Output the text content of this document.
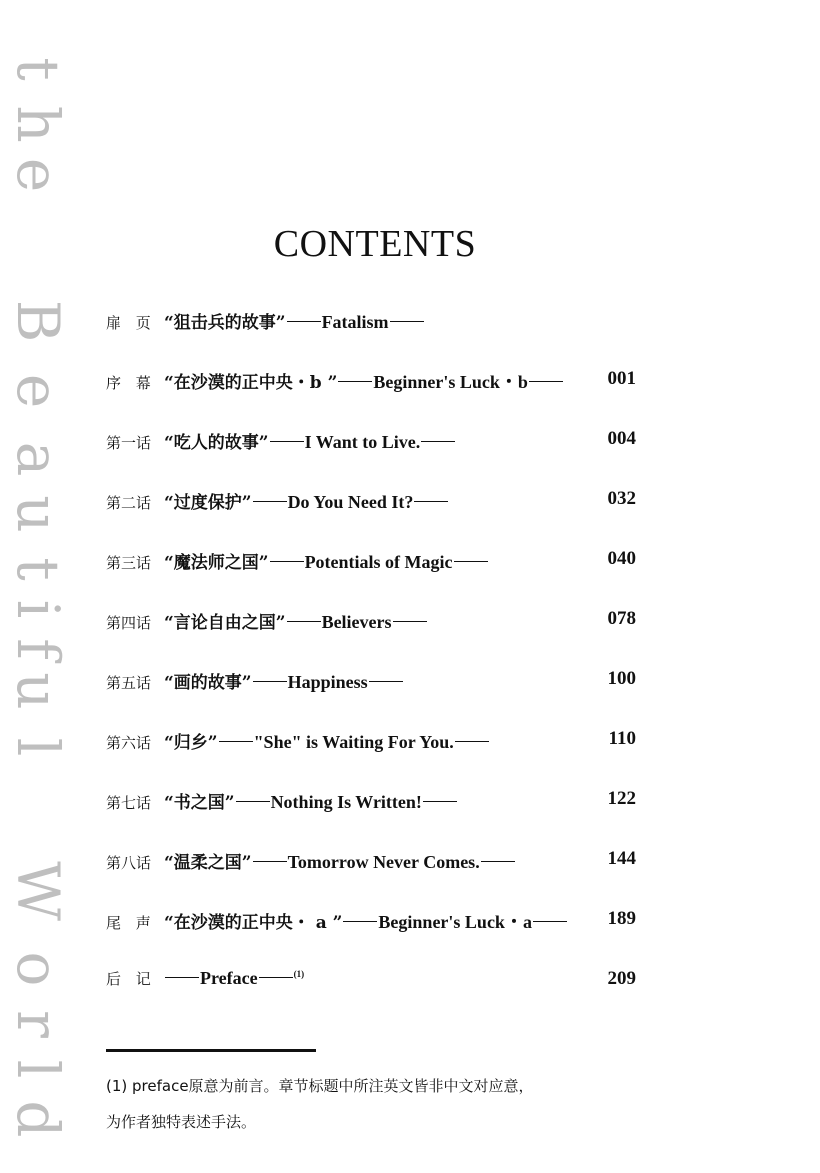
t
h
e
B
e
a
u
t
i
f
u
l
W
o
r
l
d
CONTENTS
扉 页 “狙击兵的故事” Fatalism
序 幕 “在沙漠的正中央・b ” Beginner's Luck・b	001
第一话 “吃人的故事” I Want to Live.	004
第二话 “过度保护” Do You Need It?	032
第三话 “魔法师之国” Potentials of Magic	040
第四话 “言论自由之国” Believers	078
第五话 “画的故事” Happiness	100
第六话 “归乡” "She" is Waiting For You.	110
第七话 “书之国” Nothing Is Written!	122
第八话 “温柔之国” Tomorrow Never Comes.	144
尾 声 “在沙漠的正中央・ a ” Beginner's Luck・a	189
后 记	Preface	$^{(1)}$	209
(1) preface原意为前言。章节标题中所注英文皆非中文对应意，
为作者独特表述手法。
